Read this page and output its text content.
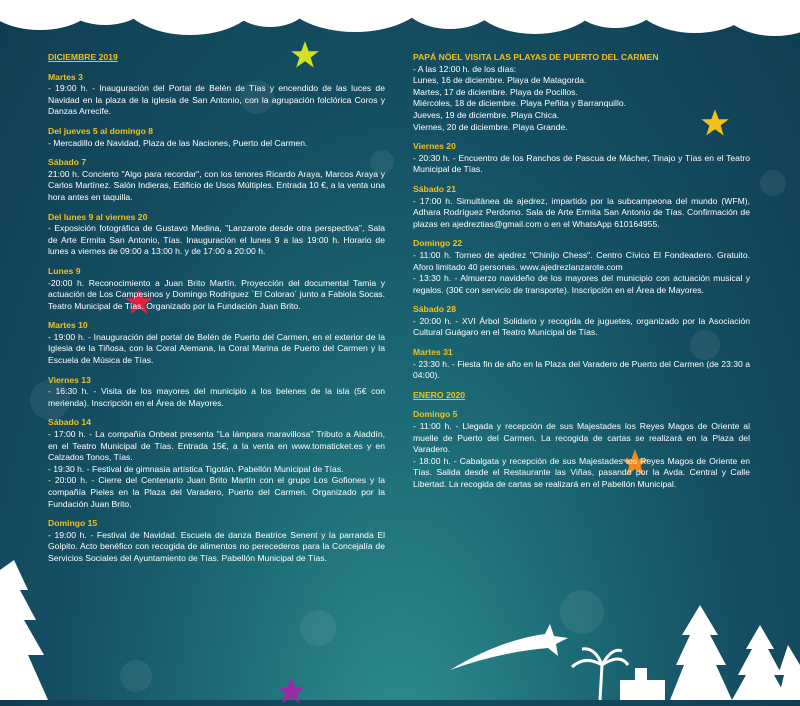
DICIEMBRE 2019
Martes 3
- 19:00 h. - Inauguración del Portal de Belén de Tías y encendido de las luces de Navidad en la plaza de la iglesia de San Antonio, con la agrupación folclórica Coros y Danzas Arrecife.
Del jueves 5 al domingo 8
- Mercadillo de Navidad, Plaza de las Naciones, Puerto del Carmen.
Sábado 7
21:00 h. Concierto "Algo para recordar", con los tenores Ricardo Araya, Marcos Araya y Carlos Martínez. Salón Indieras, Edificio de Usos Múltiples. Entrada 10 €, a la venta una hora antes en taquilla.
Del lunes 9 al viernes 20
- Exposición fotográfica de Gustavo Medina, "Lanzarote desde otra perspectiva", Sala de Arte Ermita San Antonio, Tías. Inauguración el lunes 9 a las 19:00 h. Horario de lunes a viernes de 09:00 a 13:00 h. y de 17:00 a 20:00 h.
Lunes 9
-20:00 h. Reconocimiento a Juan Brito Martín. Proyección del documental Tamia y actuación de Los Campesinos y Domingo Rodríguez `El Colorao´ junto a Fabiola Socas. Teatro Municipal de Tías. Organizado por la Fundación Juan Brito.
Martes 10
- 19:00 h. - Inauguración del portal de Belén de Puerto del Carmen, en el exterior de la Iglesia de la Tiñosa, con la Coral Alemana, la Coral Marina de Puerto del Carmen y la Escuela de Música de Tías.
Viernes 13
- 16:30 h. - Visita de los mayores del municipio a los belenes de la isla (5€ con merienda). Inscripción en el Área de Mayores.
Sábado 14
- 17:00 h. - La compañía Onbeat presenta "La lámpara maravillosa" Tributo a Aladdín, en el Teatro Municipal de Tías. Entrada 15€, a la venta en www.tomaticket.es y en Calzados Tonos, Tías.
- 19:30 h. - Festival de gimnasia artística Tigotán. Pabellón Municipal de Tías.
- 20:00 h. - Cierre del Centenario Juan Brito Martín con el grupo Los Gofiones y la compañía Pieles en la Plaza del Varadero, Puerto del Carmen. Organizado por la Fundación Juan Brito.
Domingo 15
- 19:00 h. - Festival de Navidad. Escuela de danza Beatrice Senent y la parranda El Golpito. Acto benéfico con recogida de alimentos no perecederos para la Concejalía de Servicios Sociales del Ayuntamiento de Tías. Pabellón Municipal de Tías.
PAPÁ NÖEL VISITA LAS PLAYAS DE PUERTO DEL CARMEN
- A las 12:00 h. de los días:
Lunes, 16 de diciembre. Playa de Matagorda.
Martes, 17 de diciembre. Playa de Pocillos.
Miércoles, 18 de diciembre. Playa Peñita y Barranquillo.
Jueves, 19 de diciembre. Playa Chica.
Viernes, 20 de diciembre. Playa Grande.
Viernes 20
- 20:30 h. - Encuentro de los Ranchos de Pascua de Mácher, Tinajo y Tías en el Teatro Municipal de Tías.
Sábado 21
- 17:00 h. Simultánea de ajedrez, impartido por la subcampeona del mundo (WFM), Adhara Rodríguez Perdomo. Sala de Arte Ermita San Antonio de Tías. Confirmación de plazas en ajedreztias@gmail.com o en el WhatsApp 610164955.
Domingo 22
- 11:00 h. Torneo de ajedrez "Chinijo Chess". Centro Cívico El Fondeadero. Gratuito. Aforo limitado 40 personas. www.ajedrezlanzarote.com
- 13:30 h. - Almuerzo navideño de los mayores del municipio con actuación musical y regalos. (30€ con servicio de transporte). Inscripción en el Área de Mayores.
Sábado 28
- 20:00 h. - XVI Árbol Solidario y recogida de juguetes, organizado por la Asociación Cultural Guágaro en el Teatro Municipal de Tías.
Martes 31
- 23:30 h. - Fiesta fin de año en la Plaza del Varadero de Puerto del Carmen (de 23:30 a 04:00).
ENERO 2020
Domingo 5
- 11:00 h. - Llegada y recepción de sus Majestades los Reyes Magos de Oriente al muelle de Puerto del Carmen. La recogida de cartas se realizará en la Plaza del Varadero.
- 18:00 h. - Cabalgata y recepción de sus Majestades los Reyes Magos de Oriente en Tías. Salida desde el Restaurante las Viñas, pasando por la Avda. Central y Calle Libertad. La recogida de cartas se realizará en el Pabellón Municipal.
